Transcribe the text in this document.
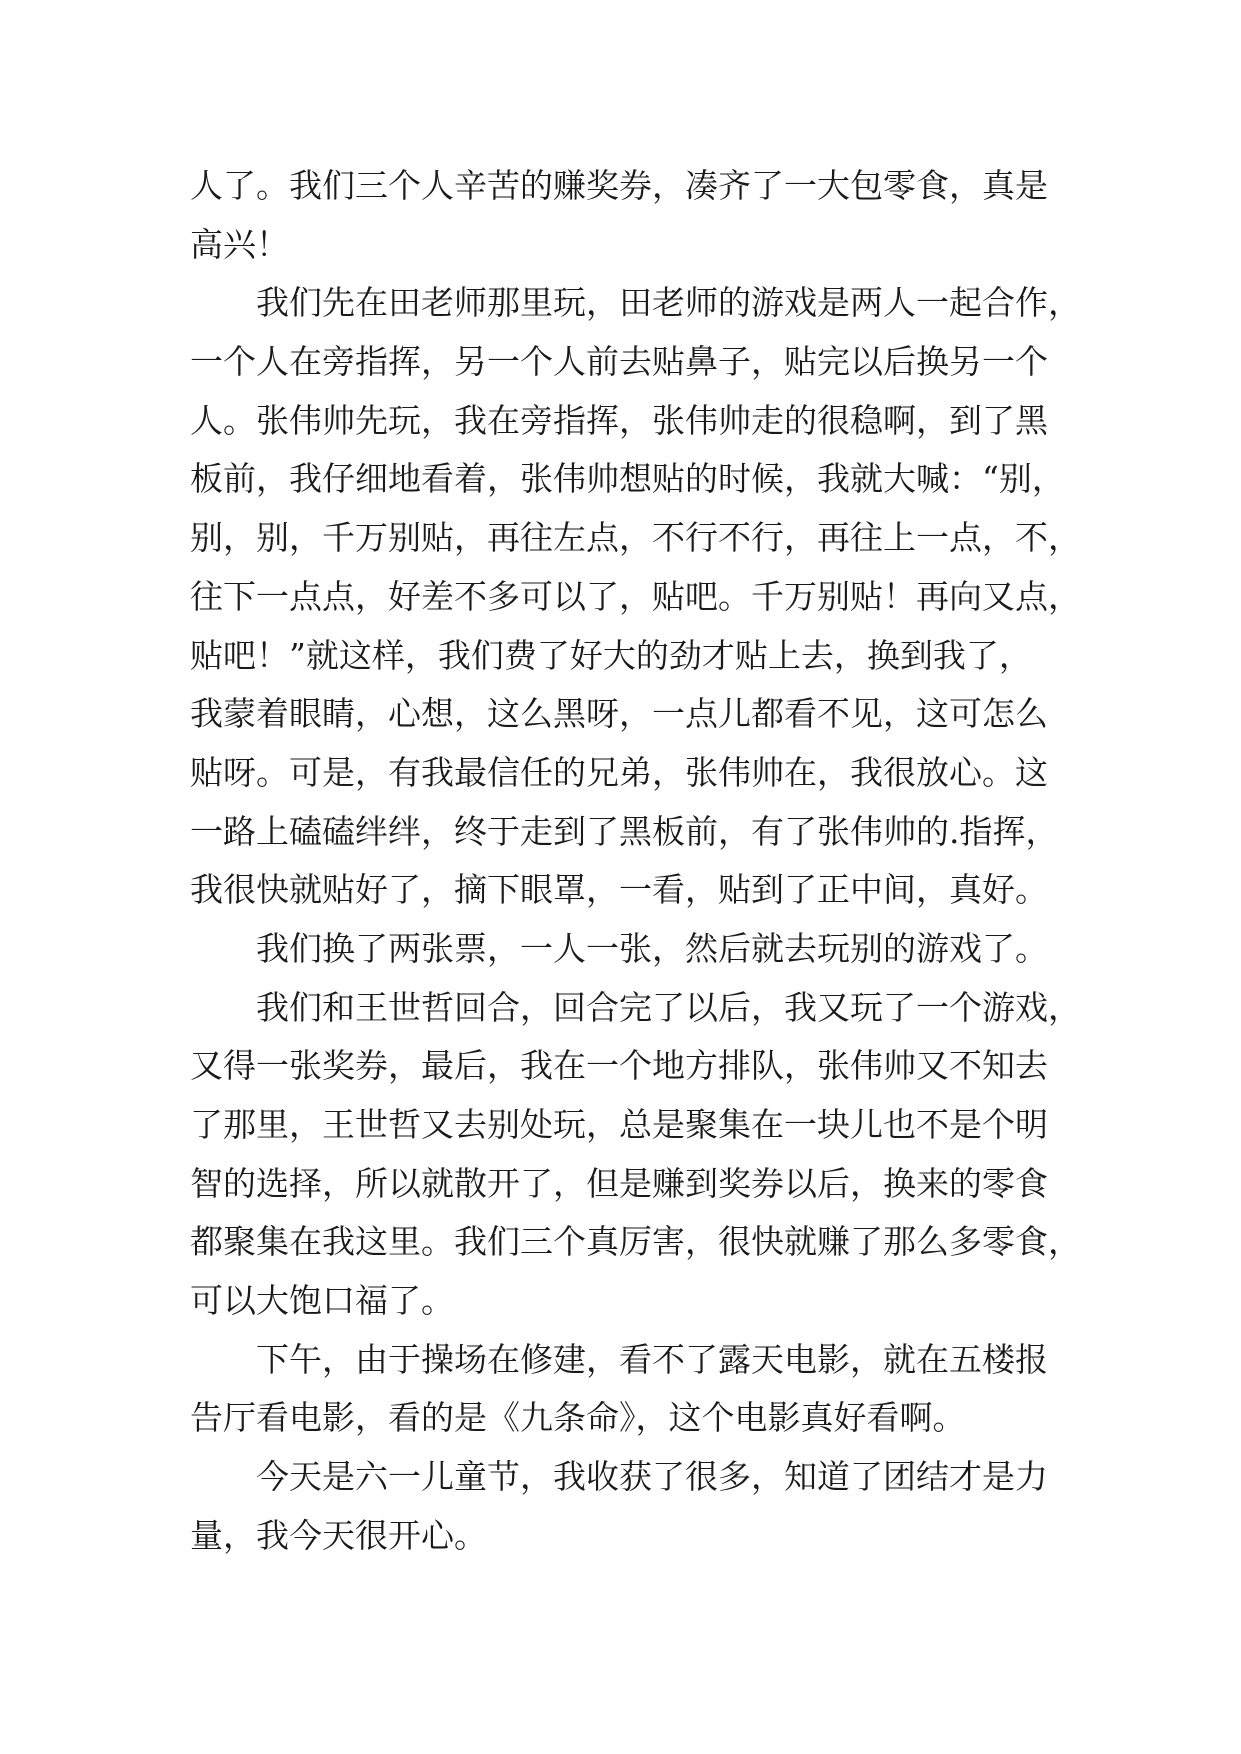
人了。我们三个人辛苦的赚奖券，凑齐了一大包零食，真是
高兴！
我们先在田老师那里玩，田老师的游戏是两人一起合作，
一个人在旁指挥，另一个人前去贴鼻子，贴完以后换另一个
人。张伟帅先玩，我在旁指挥，张伟帅走的很稳啊，到了黑
板前，我仔细地看着，张伟帅想贴的时候，我就大喊：“别，
别，别，千万别贴，再往左点，不行不行，再往上一点，不，
往下一点点，好差不多可以了，贴吧。千万别贴！再向又点，
贴吧！”就这样，我们费了好大的劲才贴上去，换到我了，
我蒙着眼睛，心想，这么黑呀，一点儿都看不见，这可怎么
贴呀。可是，有我最信任的兄弟，张伟帅在，我很放心。这
一路上磕磕绊绊，终于走到了黑板前，有了张伟帅的.指挥，
我很快就贴好了，摘下眼罩，一看，贴到了正中间，真好。
我们换了两张票，一人一张，然后就去玩别的游戏了。
我们和王世哲回合，回合完了以后，我又玩了一个游戏，
又得一张奖券，最后，我在一个地方排队，张伟帅又不知去
了那里，王世哲又去别处玩，总是聚集在一块儿也不是个明
智的选择，所以就散开了，但是赚到奖券以后，换来的零食
都聚集在我这里。我们三个真厉害，很快就赚了那么多零食，
可以大饱口福了。
下午，由于操场在修建，看不了露天电影，就在五楼报
告厅看电影，看的是《九条命》，这个电影真好看啊。
今天是六一儿童节，我收获了很多，知道了团结才是力
量，我今天很开心。
